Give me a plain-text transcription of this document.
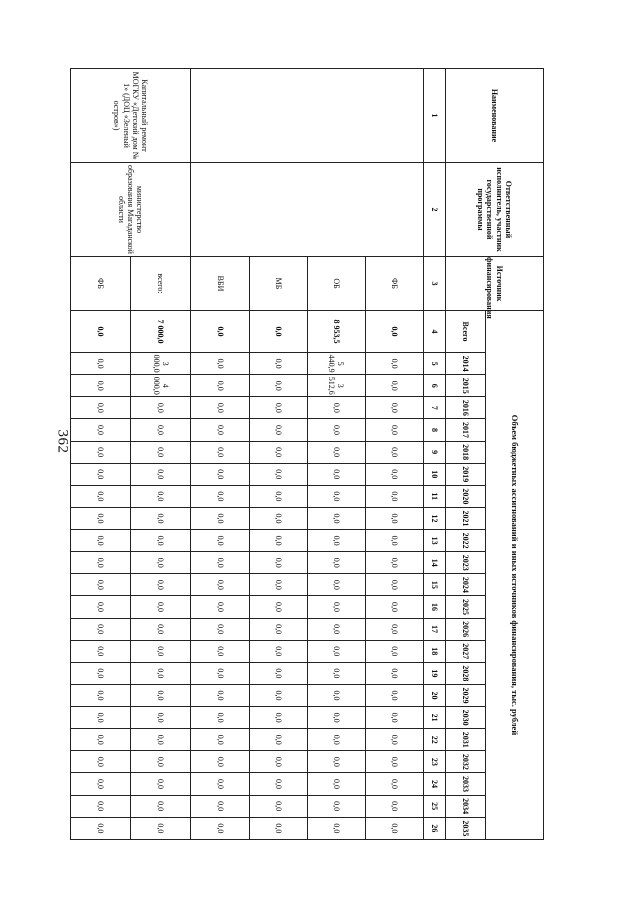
362
Наименование	Ответственный исполнитель, участник государственной программы	Источник финансирования	Объем бюджетных ассигнований и иных источников финансирования, тыс. рублей																						
			Всего	2014	2015	2016	2017	2018	2019	2020	2021	2022	2023	2024	2025	2026	2027	2028	2029	2030	2031	2032	2033	2034	2035
1	2	3	4	5	6	7	8	9	10	11	12	13	14	15	16	17	18	19	20	21	22	23	24	25	26
		ФБ	0,0	0,0	0,0	0,0	0,0	0,0	0,0	0,0	0,0	0,0	0,0	0,0	0,0	0,0	0,0	0,0	0,0	0,0	0,0	0,0	0,0	0,0	0,0
		ОБ	8 953,5	5 440,9	3 512,6	0,0	0,0	0,0	0,0	0,0	0,0	0,0	0,0	0,0	0,0	0,0	0,0	0,0	0,0	0,0	0,0	0,0	0,0	0,0	0,0
		МБ	0,0	0,0	0,0	0,0	0,0	0,0	0,0	0,0	0,0	0,0	0,0	0,0	0,0	0,0	0,0	0,0	0,0	0,0	0,0	0,0	0,0	0,0	0,0
		ВБИ	0,0	0,0	0,0	0,0	0,0	0,0	0,0	0,0	0,0	0,0	0,0	0,0	0,0	0,0	0,0	0,0	0,0	0,0	0,0	0,0	0,0	0,0	0,0
Капитальный ремонт МОГКУ «Детский дом № 1» (ДОЦ «Зеленый остров»)	министерство образования Магаданской области	всего:	7 000,0	3 000,0	4 000,0	0,0	0,0	0,0	0,0	0,0	0,0	0,0	0,0	0,0	0,0	0,0	0,0	0,0	0,0	0,0	0,0	0,0	0,0	0,0	0,0
		ФБ	0,0	0,0	0,0	0,0	0,0	0,0	0,0	0,0	0,0	0,0	0,0	0,0	0,0	0,0	0,0	0,0	0,0	0,0	0,0	0,0	0,0	0,0	0,0
